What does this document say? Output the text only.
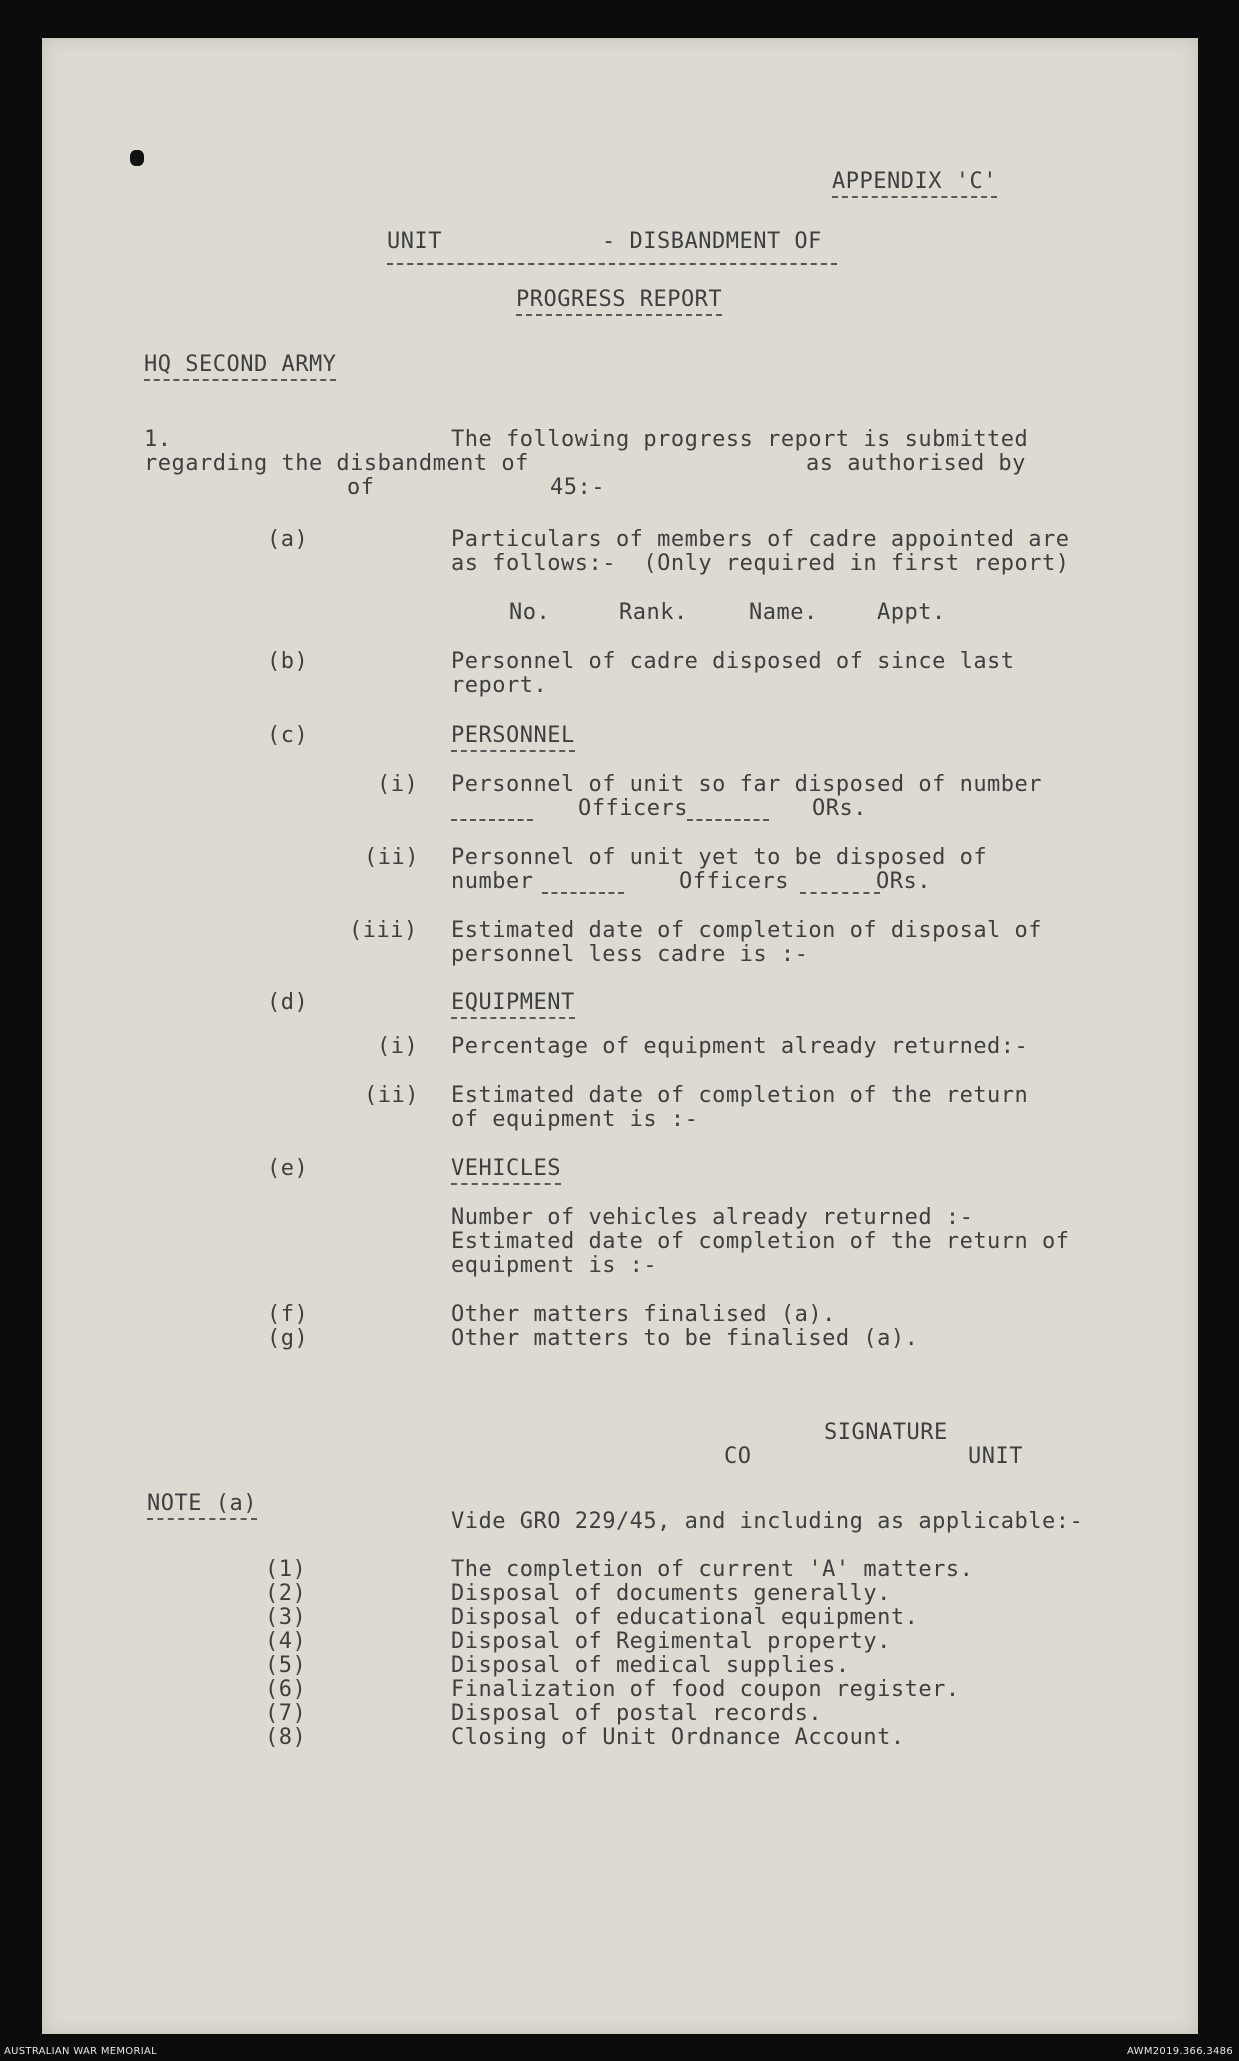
APPENDIX 'C'
UNIT	- DISBANDMENT OF
PROGRESS REPORT
HQ SECOND ARMY
1.	The following progress report is submitted
regarding the disbandment of	as authorised by
of	45:-
(a)	Particulars of members of cadre appointed are
as follows:-  (Only required in first report)
No.	Rank.	Name.	Appt.
(b)	Personnel of cadre disposed of since last
report.
(c)	PERSONNEL
(i) Personnel of unit so far disposed of number
Officers	ORs.
(ii) Personnel of unit yet to be disposed of
number	Officers	ORs.
(iii) Estimated date of completion of disposal of
personnel less cadre is :-
(d)	EQUIPMENT
(i) Percentage of equipment already returned:-
(ii) Estimated date of completion of the return
of equipment is :-
(e)	VEHICLES
Number of vehicles already returned :-
Estimated date of completion of the return of
equipment is :-
(f)	Other matters finalised (a).
(g)	Other matters to be finalised (a).
SIGNATURE
CO	UNIT
NOTE (a)
Vide GRO 229/45, and including as applicable:-
(1)	The completion of current 'A' matters.
(2)	Disposal of documents generally.
(3)	Disposal of educational equipment.
(4)	Disposal of Regimental property.
(5)	Disposal of medical supplies.
(6)	Finalization of food coupon register.
(7)	Disposal of postal records.
(8)	Closing of Unit Ordnance Account.
AUSTRALIAN WAR MEMORIAL	AWM2019.366.3486
